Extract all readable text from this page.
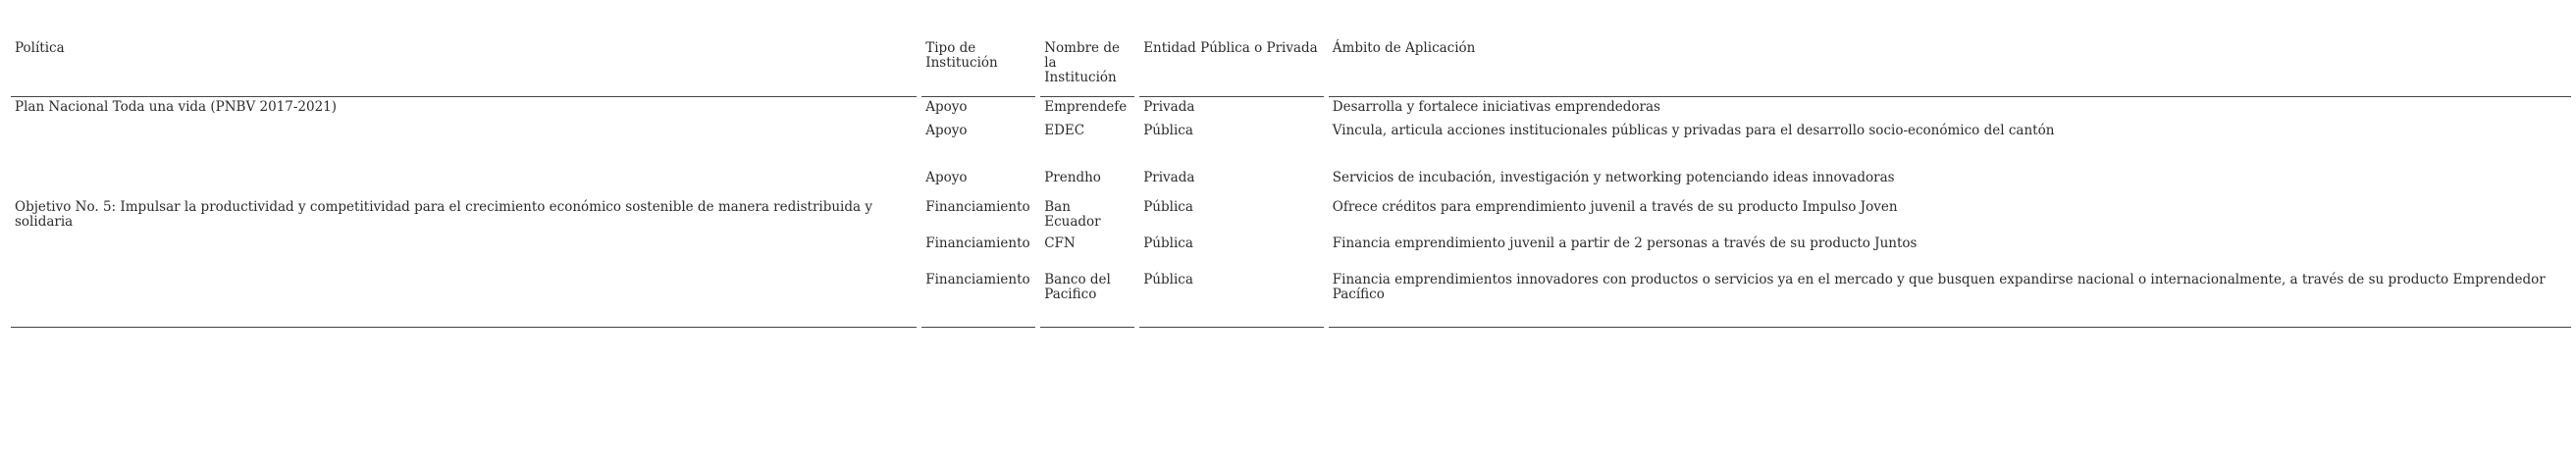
Política	Tipo de Institución	Nombre de la Institución	Entidad Pública o Privada	Ámbito de Aplicación
Plan Nacional Toda una vida (PNBV 2017-2021)	Apoyo	Emprendefe	Privada	Desarrolla y fortalece iniciativas emprendedoras
	Apoyo	EDEC	Pública	Vincula, articula acciones institucionales públicas y privadas para el desarrollo socio-económico del cantón
	Apoyo	Prendho	Privada	Servicios de incubación, investigación y networking potenciando ideas innovadoras
Objetivo No. 5: Impulsar la productividad y competitividad para el crecimiento económico sostenible de manera redistribuida y solidaria	Financiamiento	Ban Ecuador	Pública	Ofrece créditos para emprendimiento juvenil a través de su producto Impulso Joven
	Financiamiento	CFN	Pública	Financia emprendimiento juvenil a partir de 2 personas a través de su producto Juntos
	Financiamiento	Banco del Pacifico	Pública	Financia emprendimientos innovadores con productos o servicios ya en el mercado y que busquen expandirse nacional o internacionalmente, a través de su producto Emprendedor Pacífico
